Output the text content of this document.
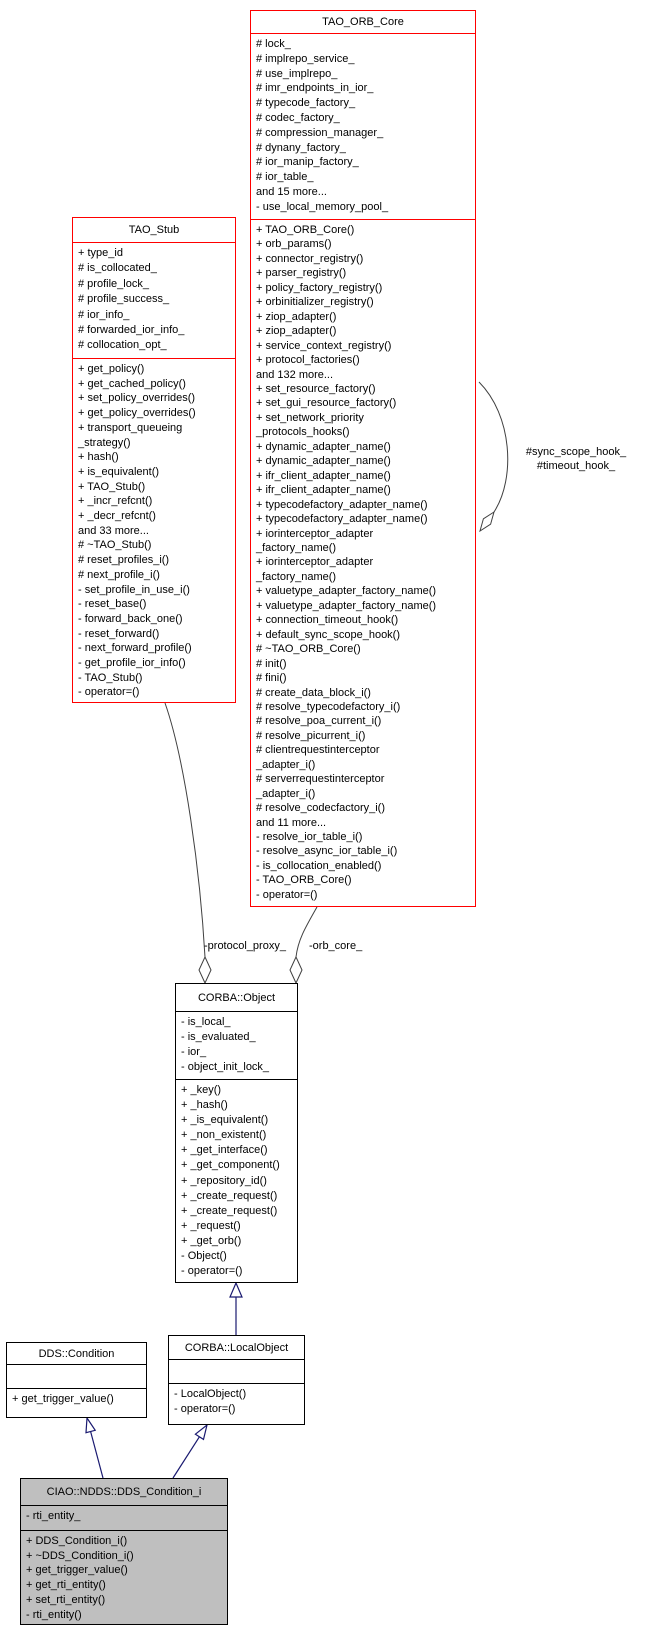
TAO_ORB_Core
# lock_
# implrepo_service_
# use_implrepo_
# imr_endpoints_in_ior_
# typecode_factory_
# codec_factory_
# compression_manager_
# dynany_factory_
# ior_manip_factory_
# ior_table_
and 15 more...
- use_local_memory_pool_
+ TAO_ORB_Core()
+ orb_params()
+ connector_registry()
+ parser_registry()
+ policy_factory_registry()
+ orbinitializer_registry()
+ ziop_adapter()
+ ziop_adapter()
+ service_context_registry()
+ protocol_factories()
and 132 more...
+ set_resource_factory()
+ set_gui_resource_factory()
+ set_network_priority
_protocols_hooks()
+ dynamic_adapter_name()
+ dynamic_adapter_name()
+ ifr_client_adapter_name()
+ ifr_client_adapter_name()
+ typecodefactory_adapter_name()
+ typecodefactory_adapter_name()
+ iorinterceptor_adapter
_factory_name()
+ iorinterceptor_adapter
_factory_name()
+ valuetype_adapter_factory_name()
+ valuetype_adapter_factory_name()
+ connection_timeout_hook()
+ default_sync_scope_hook()
# ~TAO_ORB_Core()
# init()
# fini()
# create_data_block_i()
# resolve_typecodefactory_i()
# resolve_poa_current_i()
# resolve_picurrent_i()
# clientrequestinterceptor
_adapter_i()
# serverrequestinterceptor
_adapter_i()
# resolve_codecfactory_i()
and 11 more...
- resolve_ior_table_i()
- resolve_async_ior_table_i()
- is_collocation_enabled()
- TAO_ORB_Core()
- operator=()
TAO_Stub
+ type_id
# is_collocated_
# profile_lock_
# profile_success_
# ior_info_
# forwarded_ior_info_
# collocation_opt_
+ get_policy()
+ get_cached_policy()
+ set_policy_overrides()
+ get_policy_overrides()
+ transport_queueing
_strategy()
+ hash()
+ is_equivalent()
+ TAO_Stub()
+ _incr_refcnt()
+ _decr_refcnt()
and 33 more...
# ~TAO_Stub()
# reset_profiles_i()
# next_profile_i()
- set_profile_in_use_i()
- reset_base()
- forward_back_one()
- reset_forward()
- next_forward_profile()
- get_profile_ior_info()
- TAO_Stub()
- operator=()
CORBA::Object
- is_local_
- is_evaluated_
- ior_
- object_init_lock_
+ _key()
+ _hash()
+ _is_equivalent()
+ _non_existent()
+ _get_interface()
+ _get_component()
+ _repository_id()
+ _create_request()
+ _create_request()
+ _request()
+ _get_orb()
- Object()
- operator=()
DDS::Condition
+ get_trigger_value()
CORBA::LocalObject
- LocalObject()
- operator=()
CIAO::NDDS::DDS_Condition_i
- rti_entity_
+ DDS_Condition_i()
+ ~DDS_Condition_i()
+ get_trigger_value()
+ get_rti_entity()
+ set_rti_entity()
- rti_entity()
-protocol_proxy_ -orb_core_
#sync_scope_hook_
#timeout_hook_
